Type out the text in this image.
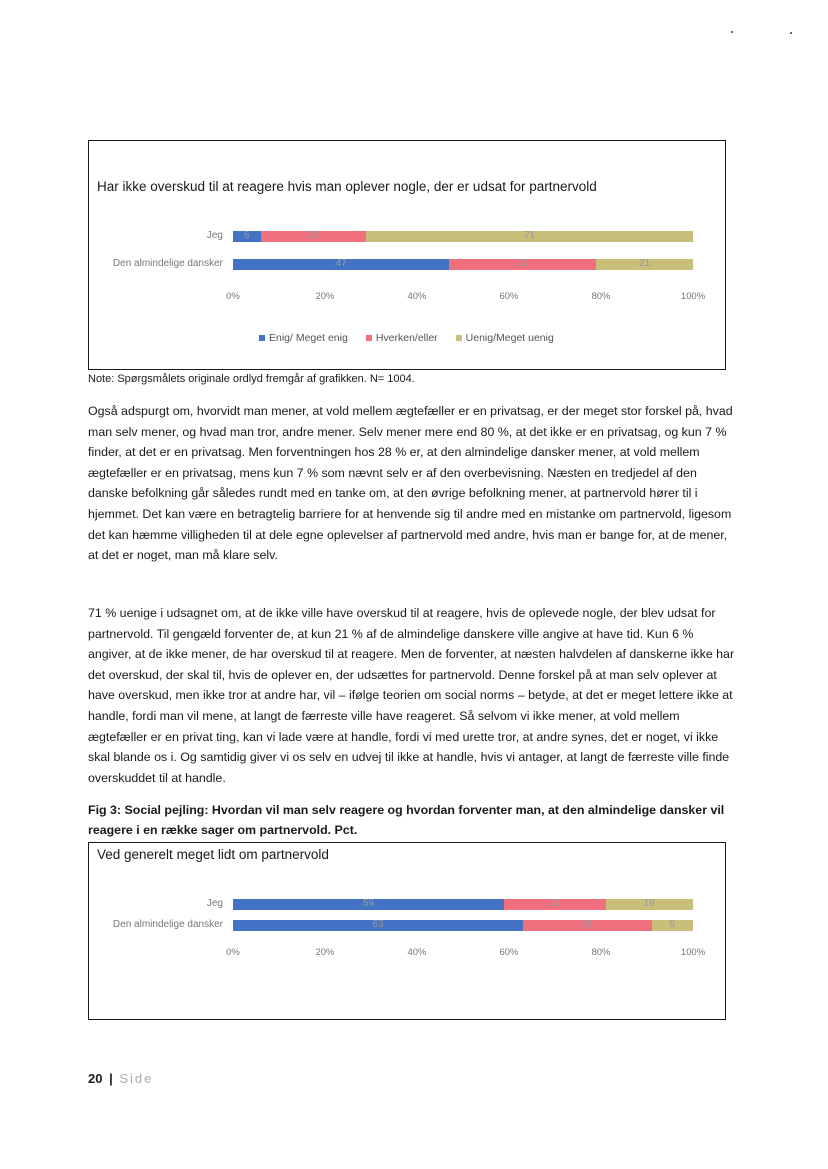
Har ikke overskud til at reagere hvis man oplever nogle, der er udsat for partnervold
Jeg 6	23	71
Den almindelige dansker	47	32	21
0%	20%	40%	60%	80%	100%
Enig/ Meget enig	Hverken/eller	Uenig/Meget uenig
Note: Spørgsmålets originale ordlyd fremgår af grafikken. N= 1004.

Også adspurgt om, hvorvidt man mener, at vold mellem ægtefæller er en privatsag, er der meget stor forskel på, hvad man selv mener, og hvad man tror, andre mener. Selv mener mere end 80 %, at det ikke er en privatsag, og kun 7 % finder, at det er en privatsag. Men forventningen hos 28 % er, at den almindelige dansker mener, at vold mellem ægtefæller er en privatsag, mens kun 7 % som nævnt selv er af den overbevisning. Næsten en tredjedel af den danske befolkning går således rundt med en tanke om, at den øvrige befolkning mener, at partnervold hører til i hjemmet. Det kan være en betragtelig barriere for at henvende sig til andre med en mistanke om partnervold, ligesom det kan hæmme villigheden til at dele egne oplevelser af partnervold med andre, hvis man er bange for, at de mener, at det er noget, man må klare selv.

71 % uenige i udsagnet om, at de ikke ville have overskud til at reagere, hvis de oplevede nogle, der blev udsat for partnervold. Til gengæld forventer de, at kun 21 % af de almindelige danskere ville angive at have tid. Kun 6 % angiver, at de ikke mener, de har overskud til at reagere. Men de forventer, at næsten halvdelen af danskerne ikke har det overskud, der skal til, hvis de oplever en, der udsættes for partnervold. Denne forskel på at man selv oplever at have overskud, men ikke tror at andre har, vil – ifølge teorien om social norms – betyde, at det er meget lettere ikke at handle, fordi man vil mene, at langt de færreste ville have reageret. Så selvom vi ikke mener, at vold mellem ægtefæller er en privat ting, kan vi lade være at handle, fordi vi med urette tror, at andre synes, det er noget, vi ikke skal blande os i. Og samtidig giver vi os selv en udvej til ikke at handle, hvis vi antager, at langt de færreste ville finde overskuddet til at handle.

Fig 3: Social pejling: Hvordan vil man selv reagere og hvordan forventer man, at den almindelige dansker vil reagere i en række sager om partnervold. Pct.

Ved generelt meget lidt om partnervold
Jeg	59	22	19
Den almindelige dansker	63	28	9
0%	20%	40%	60%	80%	100%
20 | Side
